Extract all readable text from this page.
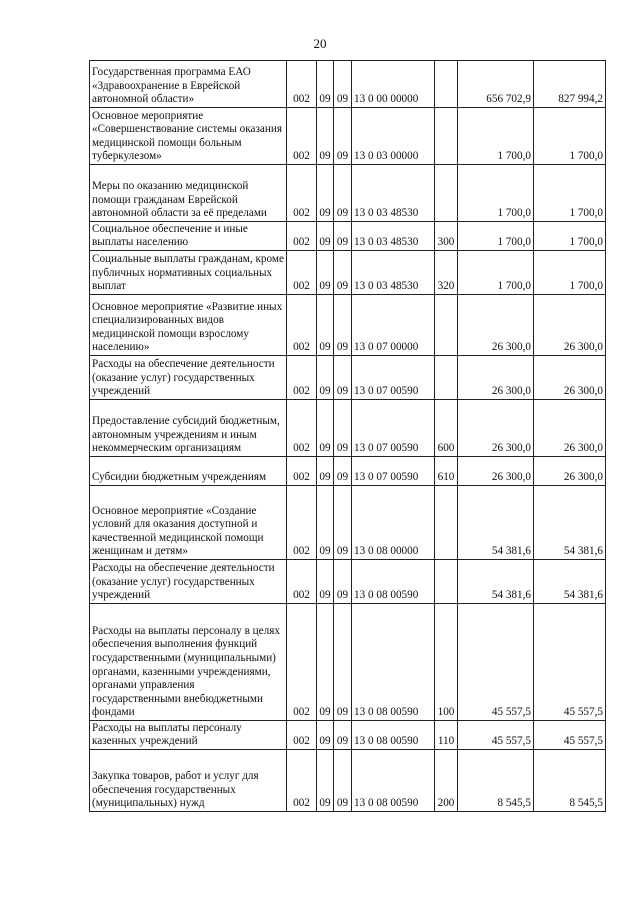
20
Государственная программа ЕАО «Здравоохранение в Еврейской автономной области»	002	09	09	13 0 00 00000		656 702,9	827 994,2

Основное мероприятие «Совершенствование системы оказания медицинской помощи больным туберкулезом»	002	09	09	13 0 03 00000		1 700,0	1 700,0

Меры по оказанию медицинской помощи гражданам Еврейской автономной области за её пределами	002	09	09	13 0 03 48530		1 700,0	1 700,0

Социальное обеспечение и иные выплаты населению	002	09	09	13 0 03 48530	300	1 700,0	1 700,0

Социальные выплаты гражданам, кроме публичных нормативных социальных выплат	002	09	09	13 0 03 48530	320	1 700,0	1 700,0

Основное мероприятие «Развитие иных специализированных видов медицинской помощи взрослому населению»	002	09	09	13 0 07 00000		26 300,0	26 300,0

Расходы на обеспечение деятельности (оказание услуг) государственных учреждений	002	09	09	13 0 07 00590		26 300,0	26 300,0

Предоставление субсидий бюджетным, автономным учреждениям и иным некоммерческим организациям	002	09	09	13 0 07 00590	600	26 300,0	26 300,0

Субсидии бюджетным учреждениям	002	09	09	13 0 07 00590	610	26 300,0	26 300,0

Основное мероприятие «Создание условий для оказания доступной и качественной медицинской помощи женщинам и детям»	002	09	09	13 0 08 00000		54 381,6	54 381,6

Расходы на обеспечение деятельности (оказание услуг) государственных учреждений	002	09	09	13 0 08 00590		54 381,6	54 381,6

Расходы на выплаты персоналу в целях обеспечения выполнения функций государственными (муниципальными) органами, казенными учреждениями, органами управления государственными внебюджетными фондами	002	09	09	13 0 08 00590	100	45 557,5	45 557,5

Расходы на выплаты персоналу казенных учреждений	002	09	09	13 0 08 00590	110	45 557,5	45 557,5

Закупка товаров, работ и услуг для обеспечения государственных (муниципальных) нужд	002	09	09	13 0 08 00590	200	8 545,5	8 545,5
